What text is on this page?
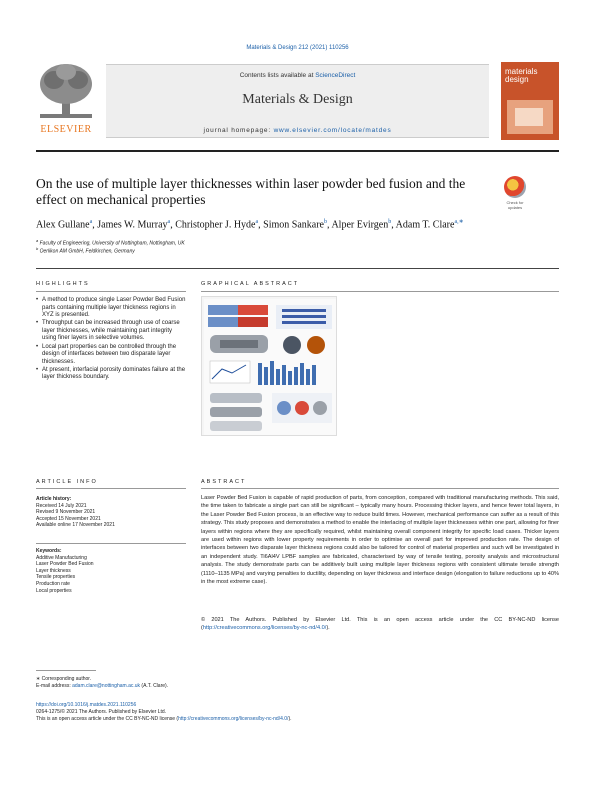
Materials & Design 212 (2021) 110256
ELSEVIER
Contents lists available at ScienceDirect
Materials & Design
journal homepage: www.elsevier.com/locate/matdes
materials
design
On the use of multiple layer thicknesses within laser powder bed fusion and the effect on mechanical properties	Check for updates
Alex Gullane$^a$, James W. Murray$^a$, Christopher J. Hyde$^a$, Simon Sankare$^b$, Alper Evirgen$^b$, Adam T. Clare$^{a,∗}$
$^a$ Faculty of Engineering, University of Nottingham, Nottingham, UK
$^b$ Oerlikon AM GmbH, Feldkirchen, Germany
HIGHLIGHTS
• A method to produce single Laser Powder Bed Fusion parts containing multiple layer thickness regions in XYZ is presented.
• Throughput can be increased through use of coarse layer thicknesses, while maintaining part integrity using finer layers in selective volumes.
• Local part properties can be controlled through the design of interfaces between two disparate layer thicknesses.
• At present, interfacial porosity dominates failure at the layer thickness boundary.
GRAPHICAL ABSTRACT
ARTICLE INFO
Article history:
Received 14 July 2021
Revised 9 November 2021
Accepted 15 November 2021
Available online 17 November 2021
Keywords:
Additive Manufacturing
Laser Powder Bed Fusion
Layer thickness
Tensile properties
Production rate
Local properties
ABSTRACT
Laser Powder Bed Fusion is capable of rapid production of parts, from conception, compared with traditional manufacturing methods. This said, the time taken to fabricate a single part can still be significant – typically many hours. Processing thicker layers, and hence fewer total layers, in the Laser Powder Bed Fusion process, is an effective way to reduce build times. However, mechanical performance can suffer as a result of this strategy. This study proposes and demonstrates a method to enable the interlacing of multiple layer thicknesses within one part, allowing for finer layers within regions where they are specifically required, whilst maintaining overall component integrity for specific load cases. Thicker layers are used within regions with lower property requirements in order to optimise an overall part for improved production rate. The design of interfaces between two disparate layer thickness regions could also be tailored for control of material properties and such will be investigated in an independent study. Ti6Al4V LPBF samples are fabricated, characterised by way of tensile testing, porosity analysis and microstructural analysis. The study demonstrate parts can be additively built using multiple layer thickness regions with consistent ultimate tensile strength (1110–1135 MPa) and varying penalties to ductility, depending on layer thickness and interface design (elongation to failure reductions up to 40% in the most extreme case).
© 2021 The Authors. Published by Elsevier Ltd. This is an open access article under the CC BY-NC-ND license (http://creativecommons.org/licenses/by-nc-nd/4.0/).
∗ Corresponding author.
E-mail address: adam.clare@nottingham.ac.uk (A.T. Clare).
https://doi.org/10.1016/j.matdes.2021.110256
0264-1275/© 2021 The Authors. Published by Elsevier Ltd.
This is an open access article under the CC BY-NC-ND license (http://creativecommons.org/licenses/by-nc-nd/4.0/).
